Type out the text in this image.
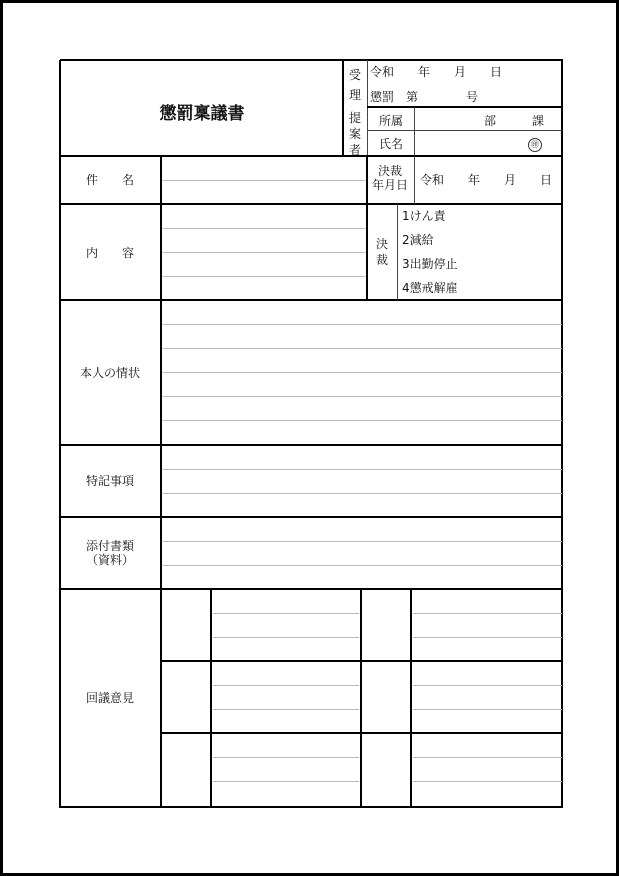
懲罰稟議書
受
理
令和　　年　　月　　日
懲罰　第　　　　号
提
案
者
所属	部　　　課
氏名	㊞
件　　名
決裁
年月日	令和　　年　　月　　日
内　　容
決
裁
1けん責
2減給
3出勤停止
4懲戒解雇
本人の情状
特記事項
添付書類
（資料）
回議意見
